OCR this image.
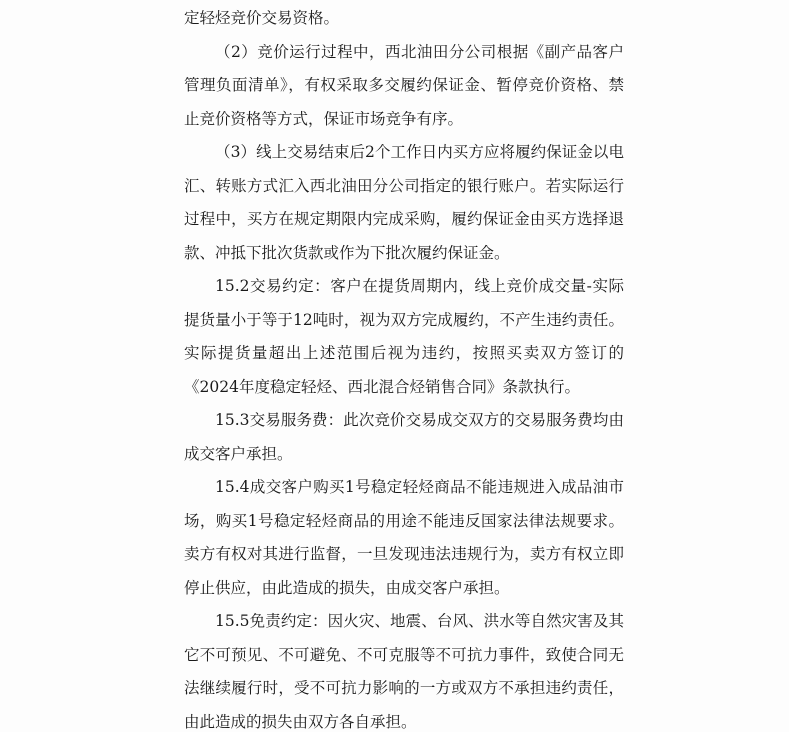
定轻烃竞价交易资格。

（2）竞价运行过程中，西北油田分公司根据《副产品客户管理负面清单》，有权采取多交履约保证金、暂停竞价资格、禁止竞价资格等方式，保证市场竞争有序。

（3）线上交易结束后2个工作日内买方应将履约保证金以电汇、转账方式汇入西北油田分公司指定的银行账户。若实际运行过程中，买方在规定期限内完成采购，履约保证金由买方选择退款、冲抵下批次货款或作为下批次履约保证金。

15.2交易约定：客户在提货周期内，线上竞价成交量-实际提货量小于等于12吨时，视为双方完成履约，不产生违约责任。实际提货量超出上述范围后视为违约，按照买卖双方签订的《2024年度稳定轻烃、西北混合烃销售合同》条款执行。

15.3交易服务费：此次竞价交易成交双方的交易服务费均由成交客户承担。

15.4成交客户购买1号稳定轻烃商品不能违规进入成品油市场，购买1号稳定轻烃商品的用途不能违反国家法律法规要求。卖方有权对其进行监督，一旦发现违法违规行为，卖方有权立即停止供应，由此造成的损失，由成交客户承担。

15.5免责约定：因火灾、地震、台风、洪水等自然灾害及其它不可预见、不可避免、不可克服等不可抗力事件，致使合同无法继续履行时，受不可抗力影响的一方或双方不承担违约责任，由此造成的损失由双方各自承担。
